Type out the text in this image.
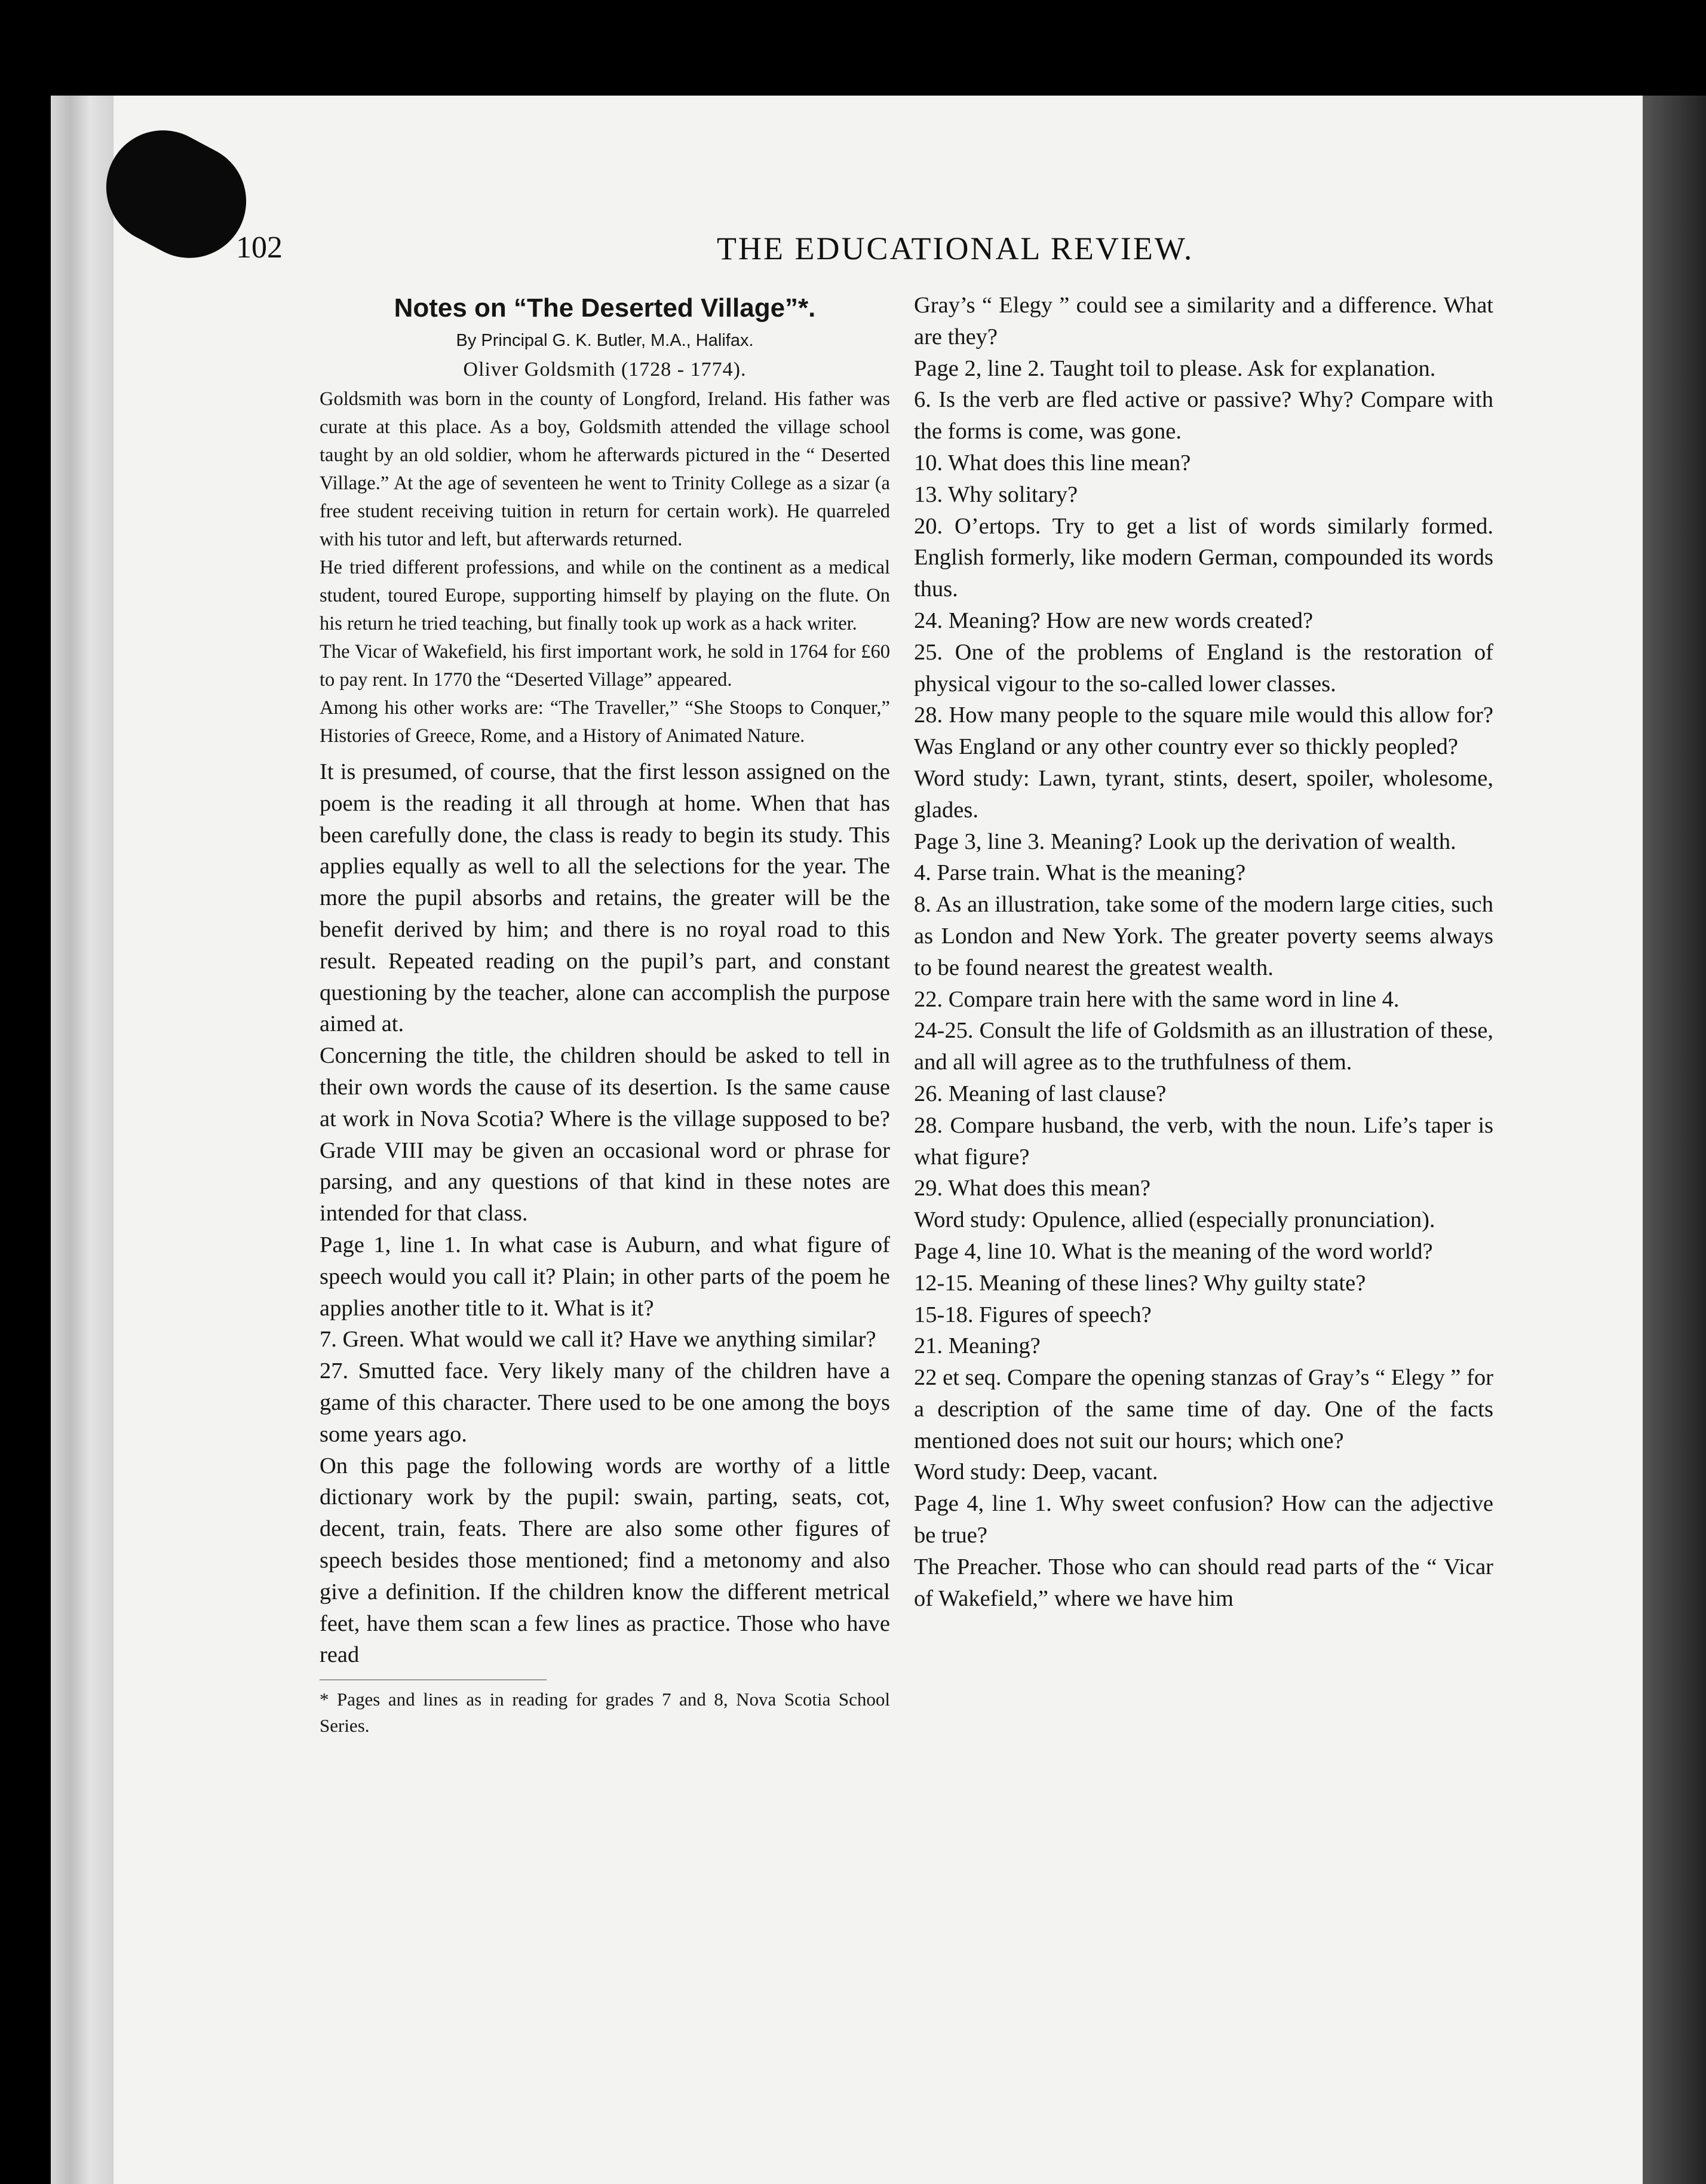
102	THE EDUCATIONAL REVIEW.

Notes on “The Deserted Village”*.

By Principal G. K. Butler, M.A., Halifax.

Oliver Goldsmith (1728 - 1774).

Goldsmith was born in the county of Longford, Ireland. His father was curate at this place. As a boy, Goldsmith attended the village school taught by an old soldier, whom he afterwards pictured in the “ Deserted Village.” At the age of seventeen he went to Trinity College as a sizar (a free student receiving tuition in return for certain work). He quarreled with his tutor and left, but afterwards returned.

He tried different professions, and while on the continent as a medical student, toured Europe, supporting himself by playing on the flute. On his return he tried teaching, but finally took up work as a hack writer.

The Vicar of Wakefield, his first important work, he sold in 1764 for £60 to pay rent. In 1770 the “Deserted Village” appeared.

Among his other works are: “The Traveller,” “She Stoops to Conquer,” Histories of Greece, Rome, and a History of Animated Nature.

It is presumed, of course, that the first lesson assigned on the poem is the reading it all through at home. When that has been carefully done, the class is ready to begin its study. This applies equally as well to all the selections for the year. The more the pupil absorbs and retains, the greater will be the benefit derived by him; and there is no royal road to this result. Repeated reading on the pupil’s part, and constant questioning by the teacher, alone can accomplish the purpose aimed at.

Concerning the title, the children should be asked to tell in their own words the cause of its desertion. Is the same cause at work in Nova Scotia? Where is the village supposed to be? Grade VIII may be given an occasional word or phrase for parsing, and any questions of that kind in these notes are intended for that class.

Page 1, line 1. In what case is Auburn, and what figure of speech would you call it? Plain; in other parts of the poem he applies another title to it. What is it?

7. Green. What would we call it? Have we anything similar?

27. Smutted face. Very likely many of the children have a game of this character. There used to be one among the boys some years ago.

On this page the following words are worthy of a little dictionary work by the pupil: swain, parting, seats, cot, decent, train, feats. There are also some other figures of speech besides those mentioned; find a metonomy and also give a definition. If the children know the different metrical feet, have them scan a few lines as practice. Those who have read

* Pages and lines as in reading for grades 7 and 8, Nova Scotia School Series.

Gray’s “ Elegy ” could see a similarity and a difference. What are they?

Page 2, line 2. Taught toil to please. Ask for explanation.

6. Is the verb are fled active or passive? Why? Compare with the forms is come, was gone.

10. What does this line mean?

13. Why solitary?

20. O’ertops. Try to get a list of words similarly formed. English formerly, like modern German, compounded its words thus.

24. Meaning? How are new words created?

25. One of the problems of England is the restoration of physical vigour to the so-called lower classes.

28. How many people to the square mile would this allow for? Was England or any other country ever so thickly peopled?

Word study: Lawn, tyrant, stints, desert, spoiler, wholesome, glades.

Page 3, line 3. Meaning? Look up the derivation of wealth.

4. Parse train. What is the meaning?

8. As an illustration, take some of the modern large cities, such as London and New York. The greater poverty seems always to be found nearest the greatest wealth.

22. Compare train here with the same word in line 4.

24-25. Consult the life of Goldsmith as an illustration of these, and all will agree as to the truthfulness of them.

26. Meaning of last clause?

28. Compare husband, the verb, with the noun. Life’s taper is what figure?

29. What does this mean?

Word study: Opulence, allied (especially pronunciation).

Page 4, line 10. What is the meaning of the word world?

12-15. Meaning of these lines? Why guilty state?

15-18. Figures of speech?

21. Meaning?

22 et seq. Compare the opening stanzas of Gray’s “ Elegy ” for a description of the same time of day. One of the facts mentioned does not suit our hours; which one?

Word study: Deep, vacant.

Page 4, line 1. Why sweet confusion? How can the adjective be true?

The Preacher. Those who can should read parts of the “ Vicar of Wakefield,” where we have him
